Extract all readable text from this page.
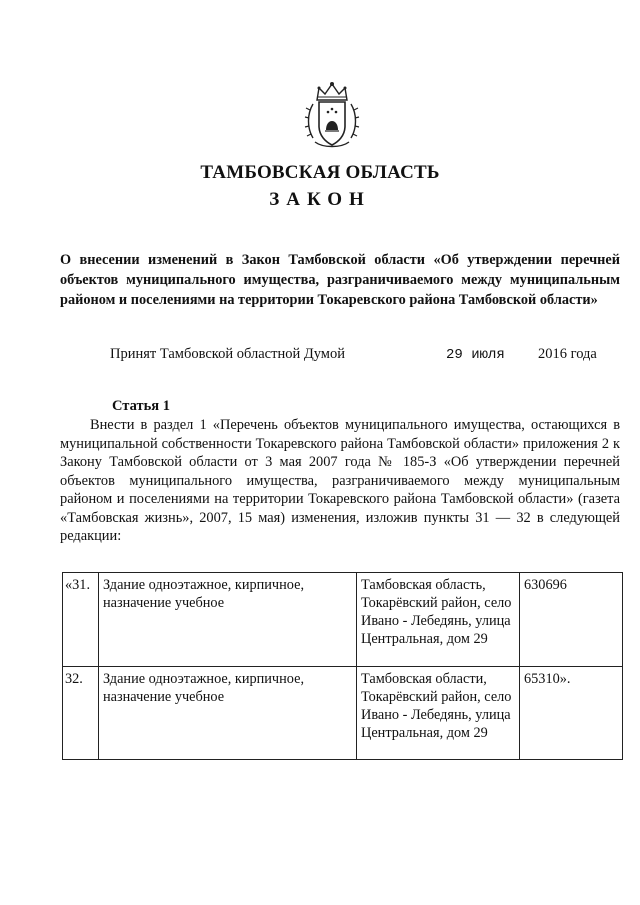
ТАМБОВСКАЯ ОБЛАСТЬ
ЗАКОН
О внесении изменений в Закон Тамбовской области «Об утверждении перечней объектов муниципального имущества, разграничиваемого между муниципальным районом и поселениями на территории Токаревского района Тамбовской области»
Принят Тамбовской областной Думой	29 июля 2016 года
Статья 1

Внести в раздел 1 «Перечень объектов муниципального имущества, остающихся в муниципальной собственности Токаревского района Тамбовской области» приложения 2 к Закону Тамбовской области от 3 мая 2007 года № 185-З «Об утверждении перечней объектов муниципального имущества, разграничиваемого между муниципальным районом и поселениями на территории Токаревского района Тамбовской области» (газета «Тамбовская жизнь», 2007, 15 мая) изменения, изложив пункты 31 — 32 в следующей редакции:

«31.	Здание одноэтажное, кирпичное, назначение учебное	Тамбовская область, Токарёвский район, село Ивано - Лебедянь, улица Центральная, дом 29	630696
32.	Здание одноэтажное, кирпичное, назначение учебное	Тамбовская области, Токарёвский район, село Ивано - Лебедянь, улица Центральная, дом 29	65310».
